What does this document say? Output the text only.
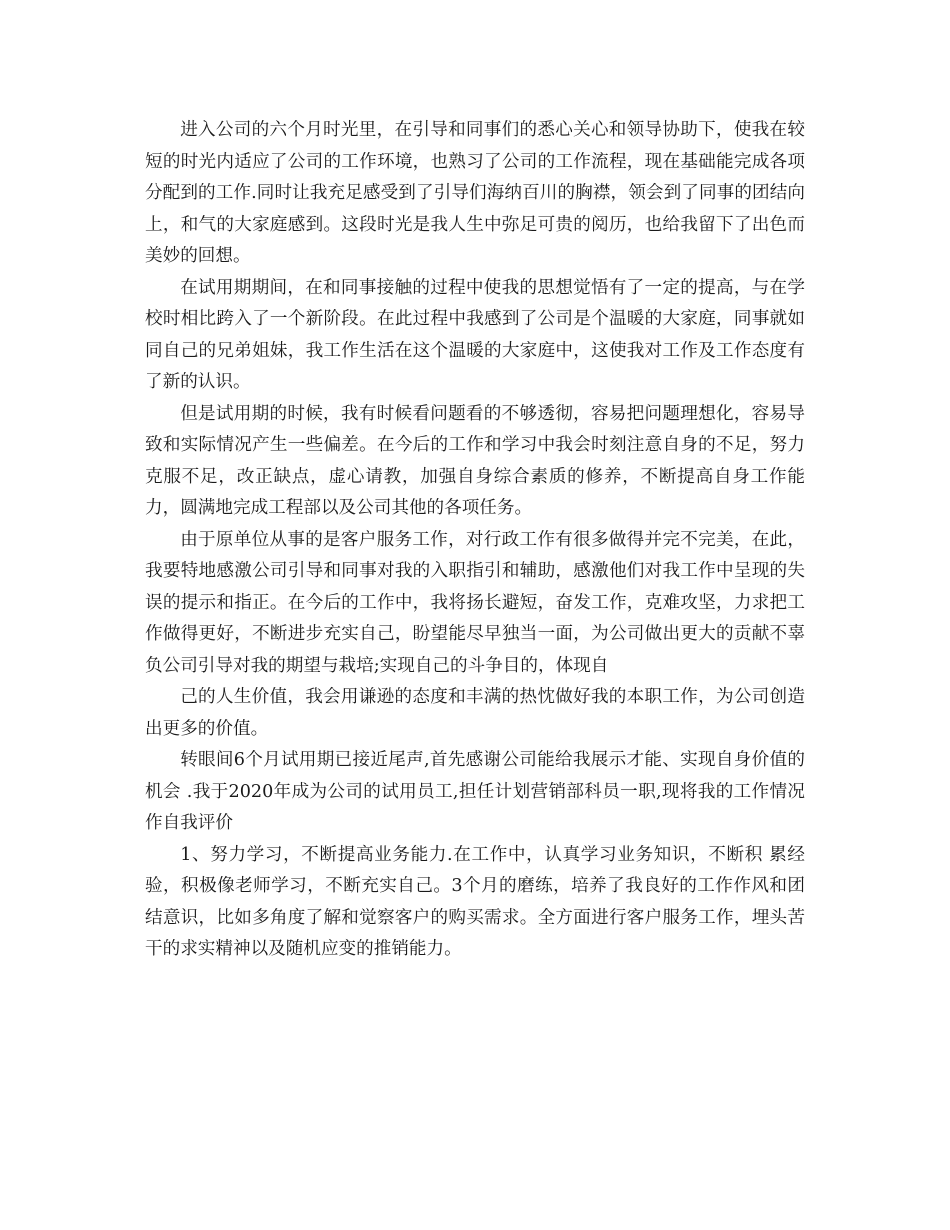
进入公司的六个月时光里，在引导和同事们的悉心关心和领导协助下，使我在较短的时光内适应了公司的工作环境，也熟习了公司的工作流程，现在基础能完成各项分配到的工作.同时让我充足感受到了引导们海纳百川的胸襟，领会到了同事的团结向上，和气的大家庭感到。这段时光是我人生中弥足可贵的阅历，也给我留下了出色而美妙的回想。

在试用期期间，在和同事接触的过程中使我的思想觉悟有了一定的提高，与在学校时相比跨入了一个新阶段。在此过程中我感到了公司是个温暖的大家庭，同事就如同自己的兄弟姐妹，我工作生活在这个温暖的大家庭中，这使我对工作及工作态度有了新的认识。

但是试用期的时候，我有时候看问题看的不够透彻，容易把问题理想化，容易导致和实际情况产生一些偏差。在今后的工作和学习中我会时刻注意自身的不足，努力克服不足，改正缺点，虚心请教，加强自身综合素质的修养，不断提高自身工作能力，圆满地完成工程部以及公司其他的各项任务。

由于原单位从事的是客户服务工作，对行政工作有很多做得并完不完美，在此，我要特地感激公司引导和同事对我的入职指引和辅助，感激他们对我工作中呈现的失误的提示和指正。在今后的工作中，我将扬长避短，奋发工作，克难攻坚，力求把工作做得更好，不断进步充实自己，盼望能尽早独当一面，为公司做出更大的贡献不辜负公司引导对我的期望与栽培;实现自己的斗争目的，体现自

己的人生价值，我会用谦逊的态度和丰满的热忱做好我的本职工作，为公司创造出更多的价值。

转眼间6个月试用期已接近尾声,首先感谢公司能给我展示才能、实现自身价值的机会 .我于2020年成为公司的试用员工,担任计划营销部科员一职,现将我的工作情况作自我评价

1、努力学习，不断提高业务能力.在工作中，认真学习业务知识，不断积 累经验，积极像老师学习，不断充实自己。3个月的磨练，培养了我良好的工作作风和团结意识，比如多角度了解和觉察客户的购买需求。全方面进行客户服务工作，埋头苦干的求实精神以及随机应变的推销能力。
